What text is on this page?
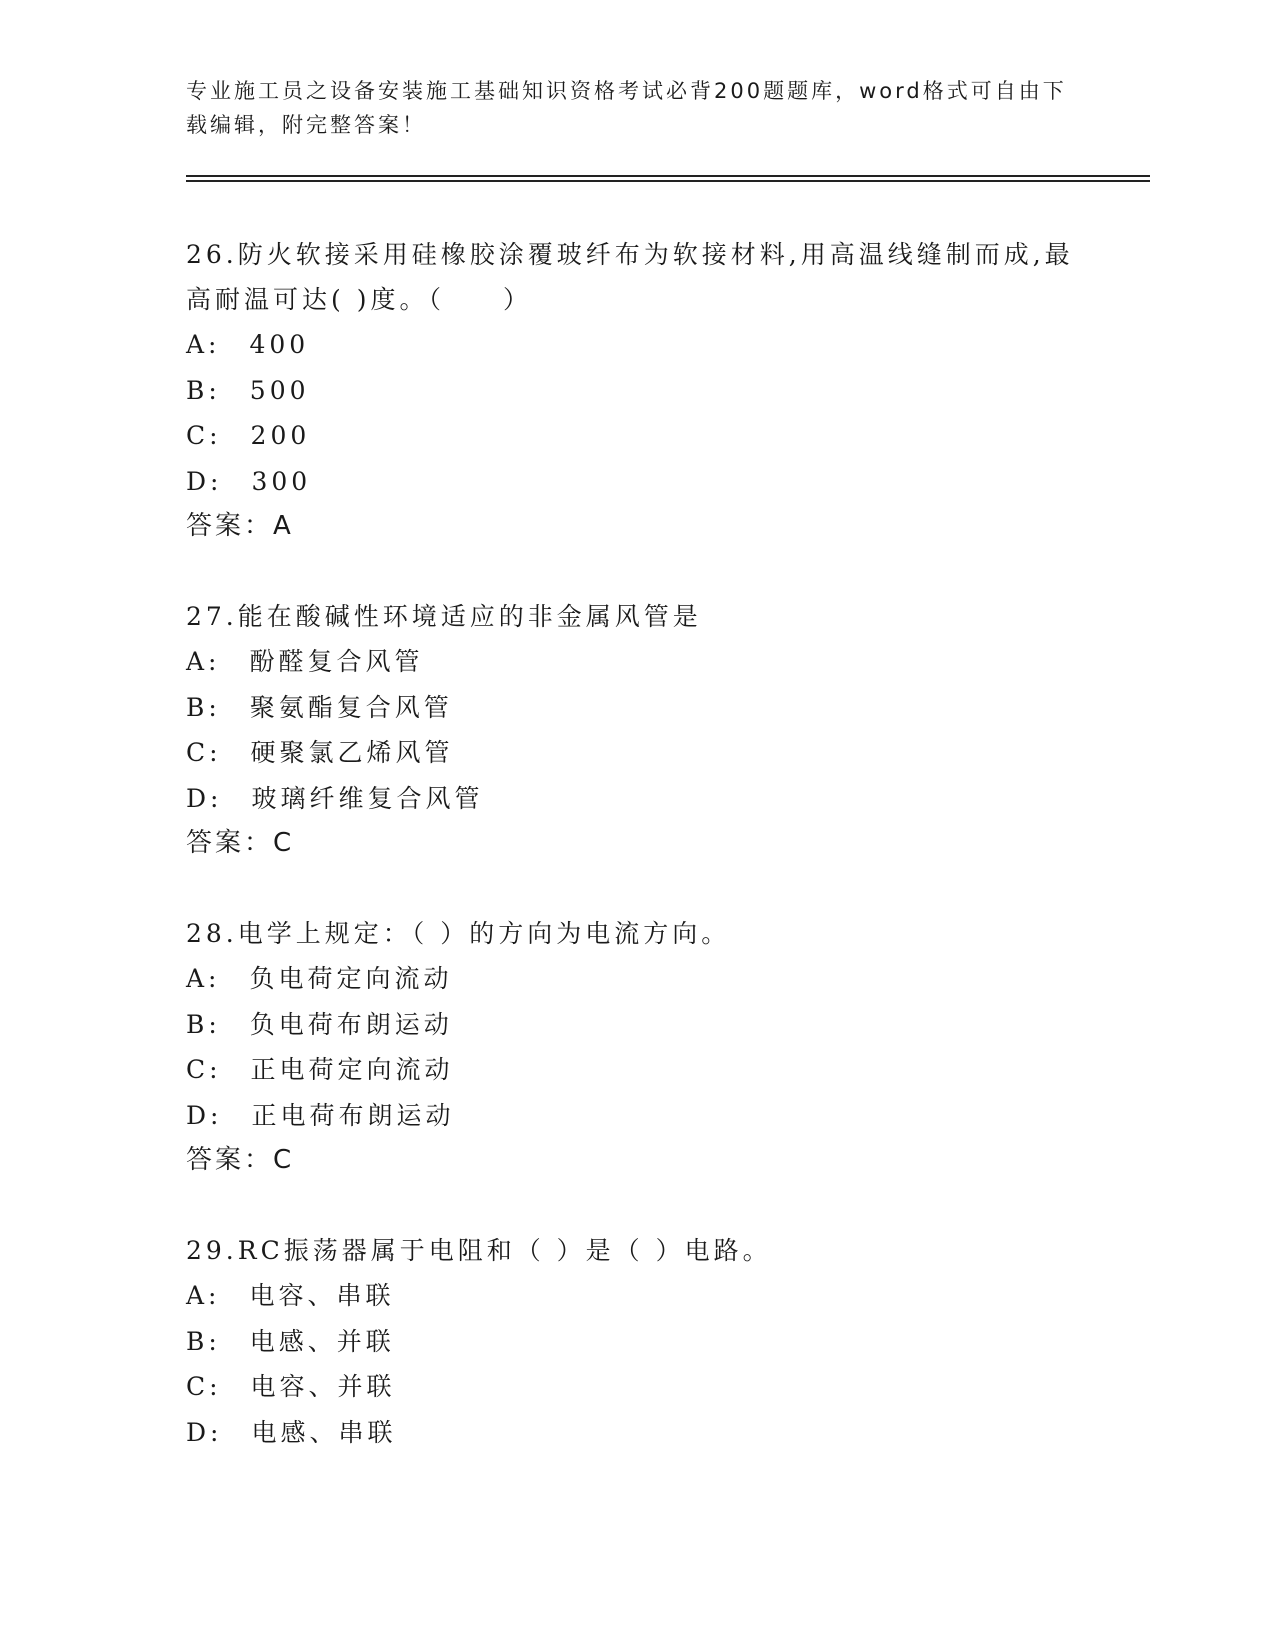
专业施工员之设备安装施工基础知识资格考试必背200题题库，word格式可自由下载编辑，附完整答案！

26.防火软接采用硅橡胶涂覆玻纤布为软接材料,用高温线缝制而成,最高耐温可达( )度。（　　）

A:　400

B:　500

C:　200

D:　300

答案：A

27.能在酸碱性环境适应的非金属风管是

A:　酚醛复合风管

B:　聚氨酯复合风管

C:　硬聚氯乙烯风管

D:　玻璃纤维复合风管

答案：C

28.电学上规定：（ ）的方向为电流方向。

A:　负电荷定向流动

B:　负电荷布朗运动

C:　正电荷定向流动

D:　正电荷布朗运动

答案：C

29.RC振荡器属于电阻和（ ）是（ ）电路。

A:　电容、串联

B:　电感、并联

C:　电容、并联

D:　电感、串联
